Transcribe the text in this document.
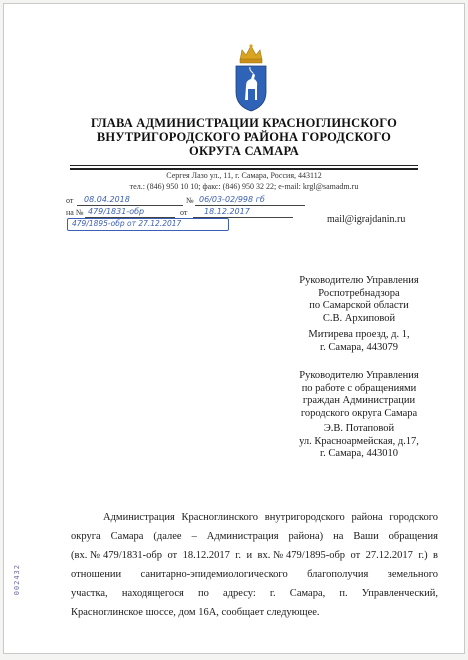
ГЛАВА АДМИНИСТРАЦИИ КРАСНОГЛИНСКОГО
ВНУТРИГОРОДСКОГО РАЙОНА ГОРОДСКОГО
ОКРУГА САМАРА
Сергея Лазо ул., 11, г. Самара, Россия, 443112
тел.: (846) 950 10 10; факс: (846) 950 32 22; e-mail: krgl@samadm.ru
от 08.04.2018	№ 06/03-02/998 гб
на № 479/1831-обр	от 18.12.2017
479/1895-обр от 27.12.2017	mail@igrajdanin.ru
Руководителю Управления
Роспотребнадзора
по Самарской области
С.В. Архиповой
Митирева проезд, д. 1,
г. Самара, 443079
Руководителю Управления
по работе с обращениями
граждан Администрации
городского округа Самара
Э.В. Потаповой
ул. Красноармейская, д.17,
г. Самара, 443010
Администрация Красноглинского внутригородского района городского
округа Самара (далее – Администрация района) на Ваши обращения
(вх.№479/1831-обр от 18.12.2017 г. и вх.№479/1895-обр от 27.12.2017 г.) в
отношении санитарно-эпидемиологического благополучия земельного
участка, находящегося по адресу: г. Самара, п. Управленческий,
Красноглинское шоссе, дом 16А, сообщает следующее.
002432
